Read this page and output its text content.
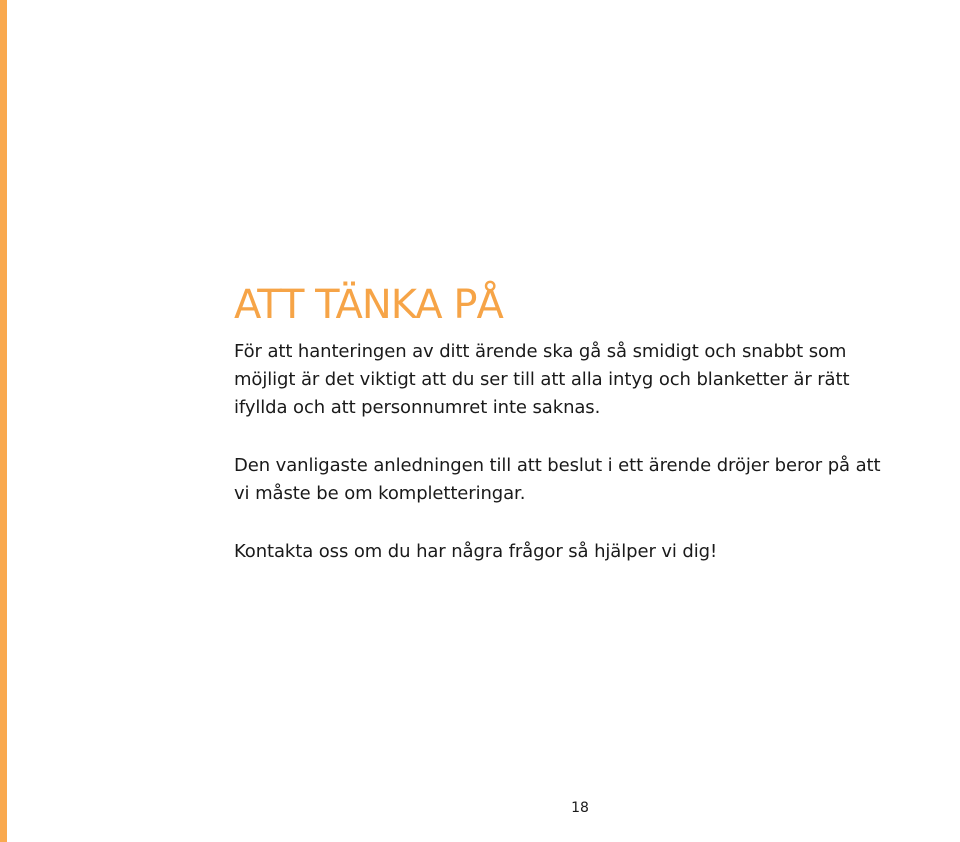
ATT TÄNKA PÅ

För att hanteringen av ditt ärende ska gå så smidigt och snabbt som
möjligt är det viktigt att du ser till att alla intyg och blanketter är rätt
ifyllda och att personnumret inte saknas.

Den vanligaste anledningen till att beslut i ett ärende dröjer beror på att
vi måste be om kompletteringar.

Kontakta oss om du har några frågor så hjälper vi dig!

18
